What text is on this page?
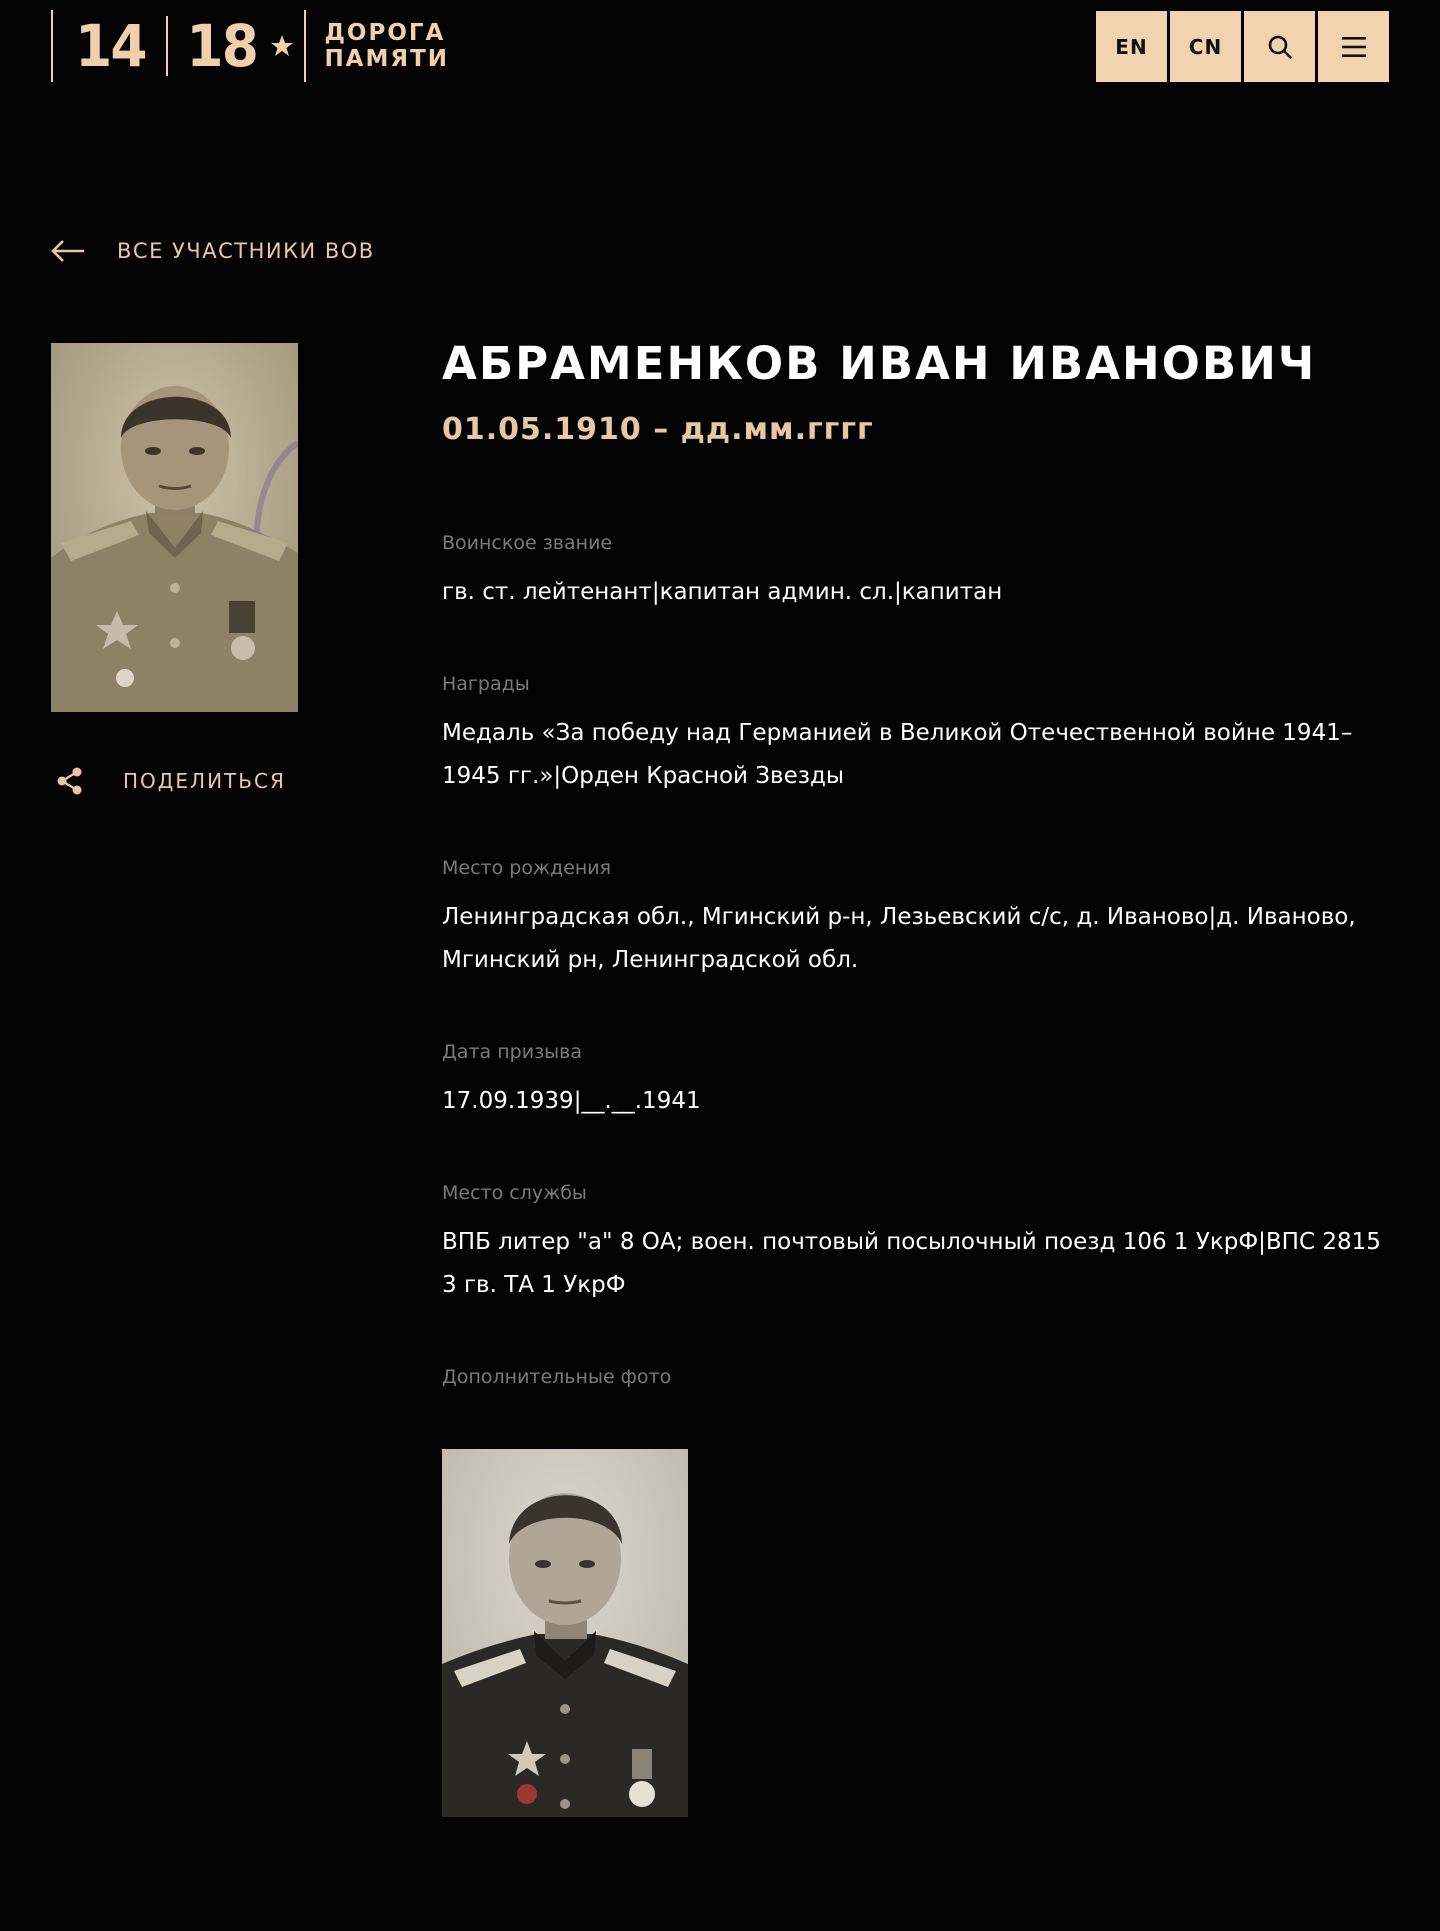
14 18	ДОРОГА
ПАМЯТИ	EN	CN
ВСЕ УЧАСТНИКИ ВОВ
ПОДЕЛИТЬСЯ
АБРАМЕНКОВ ИВАН ИВАНОВИЧ
01.05.1910 – дд.мм.гггг
Воинское звание
гв. ст. лейтенант|капитан админ. сл.|капитан
Награды
Медаль «За победу над Германией в Великой Отечественной войне 1941–1945 гг.»|Орден Красной Звезды
Место рождения
Ленинградская обл., Мгинский р-н, Лезьевский с/с, д. Иваново|д. Иваново, Мгинский рн, Ленинградской обл.
Дата призыва
17.09.1939|__.__.1941
Место службы
ВПБ литер "а" 8 ОА; воен. почтовый посылочный поезд 106 1 УкрФ|ВПС 2815 3 гв. ТА 1 УкрФ
Дополнительные фото
